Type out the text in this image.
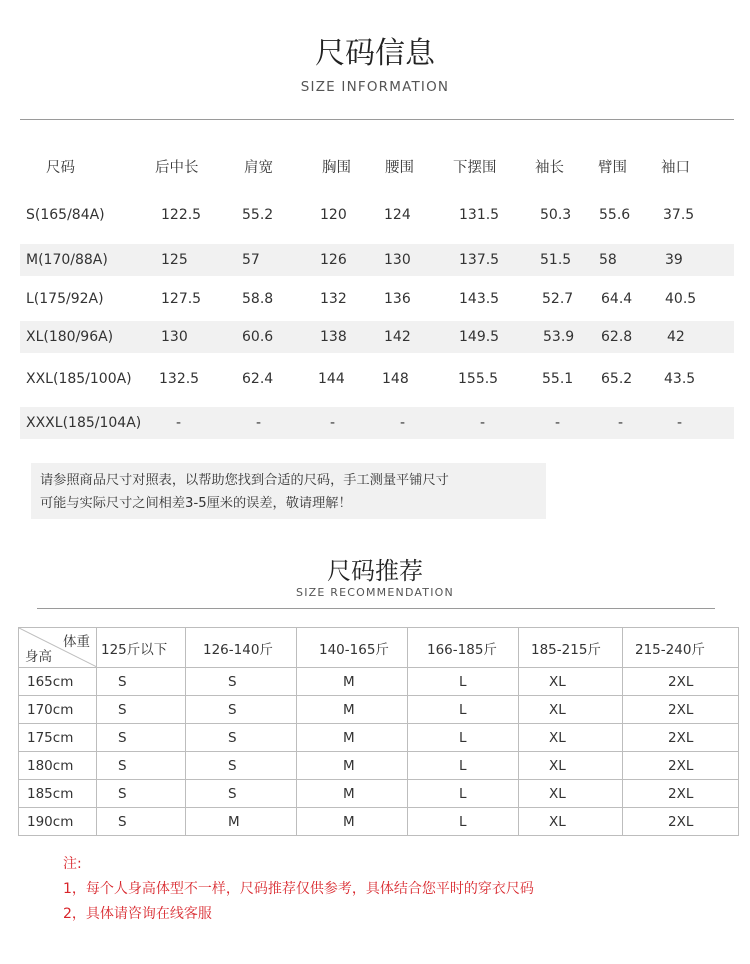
尺码信息
SIZE INFORMATION
尺码	后中长	肩宽	胸围 腰围	下摆围	袖长 臂围 袖口
S(165/84A)	122.5	55.2	120	124	131.5	50.3 55.6 37.5
M(170/88A)	125	57	126	130	137.5	51.5 58	39
L(175/92A)	127.5	58.8	132	136	143.5	52.7 64.4 40.5
XL(180/96A)	130	60.6	138	142	149.5	53.9 62.8 42
XXL(185/100A) 132.5	62.4	144	148	155.5	55.1 65.2 43.5
XXXL(185/104A) -	-	-	-	-	-	-	-
请参照商品尺寸对照表，以帮助您找到合适的尺码，手工测量平铺尺寸
可能与实际尺寸之间相差3-5厘米的误差，敬请理解！
尺码推荐
SIZE RECOMMENDATION
体重
身高	125斤以下	126-140斤	140-165斤	166-185斤	185-215斤	215-240斤
165cm	S	S	M	L	XL	2XL
170cm	S	S	M	L	XL	2XL
175cm	S	S	M	L	XL	2XL
180cm	S	S	M	L	XL	2XL
185cm	S	S	M	L	XL	2XL
190cm	S	M	M	L	XL	2XL
注:
1，每个人身高体型不一样，尺码推荐仅供参考，具体结合您平时的穿衣尺码
2，具体请咨询在线客服
